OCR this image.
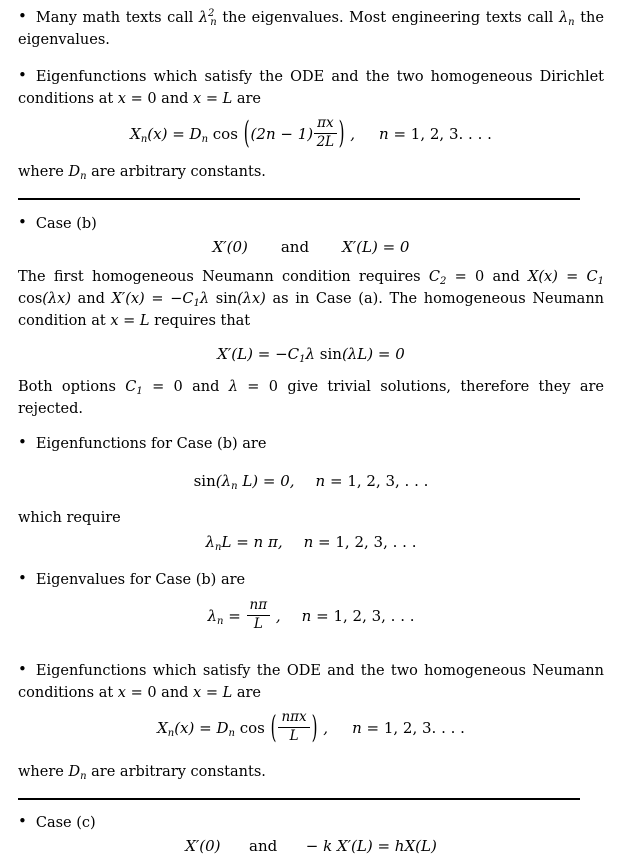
• Many math texts call $\lambda^2_n$ the eigenvalues. Most engineering texts call $\lambda_n$ the eigenvalues.

• Eigenfunctions which satisfy the ODE and the two homogeneous Dirichlet conditions at x = 0 and x = L are

$X_n(x) = D_n$ $\cos ((2n - 1) \frac{\pi x}{2L}$ ) , n = 1, 2, 3. . . .

where $D_n$ are arbitrary constants.

• Case (b)

X′(0) and X′(L) = 0

The first homogeneous Neumann condition requires $C_2 = 0$ and $X(x) = C_1$ cos(λx) and $X'(x) = -C_1\lambda$ sin(λx) as in Case (a). The homogeneous Neumann condition at x = L requires that

$X'(L) = -C_1\lambda$ sin(λL) = 0

Both options $C_1 = 0$ and λ = 0 give trivial solutions, therefore they are rejected.

• Eigenfunctions for Case (b) are

$\sin(\lambda_n$ L) = 0, n = 1, 2, 3, . . .

which require

$\lambda_nL = n$ π, n = 1, 2, 3, . . .

• Eigenvalues for Case (b) are

$\lambda_n = \frac{n\pi}{L}$ , n = 1, 2, 3, . . .

• Eigenfunctions which satisfy the ODE and the two homogeneous Neumann conditions at x = 0 and x = L are

$X_n(x) = D_n$ cos ( $\frac{\text{nπx}}{L}$ ) , n = 1, 2, 3. . . .

where $D_n$ are arbitrary constants.

• Case (c)

X′(0) and − k X′(L) = hX(L)
